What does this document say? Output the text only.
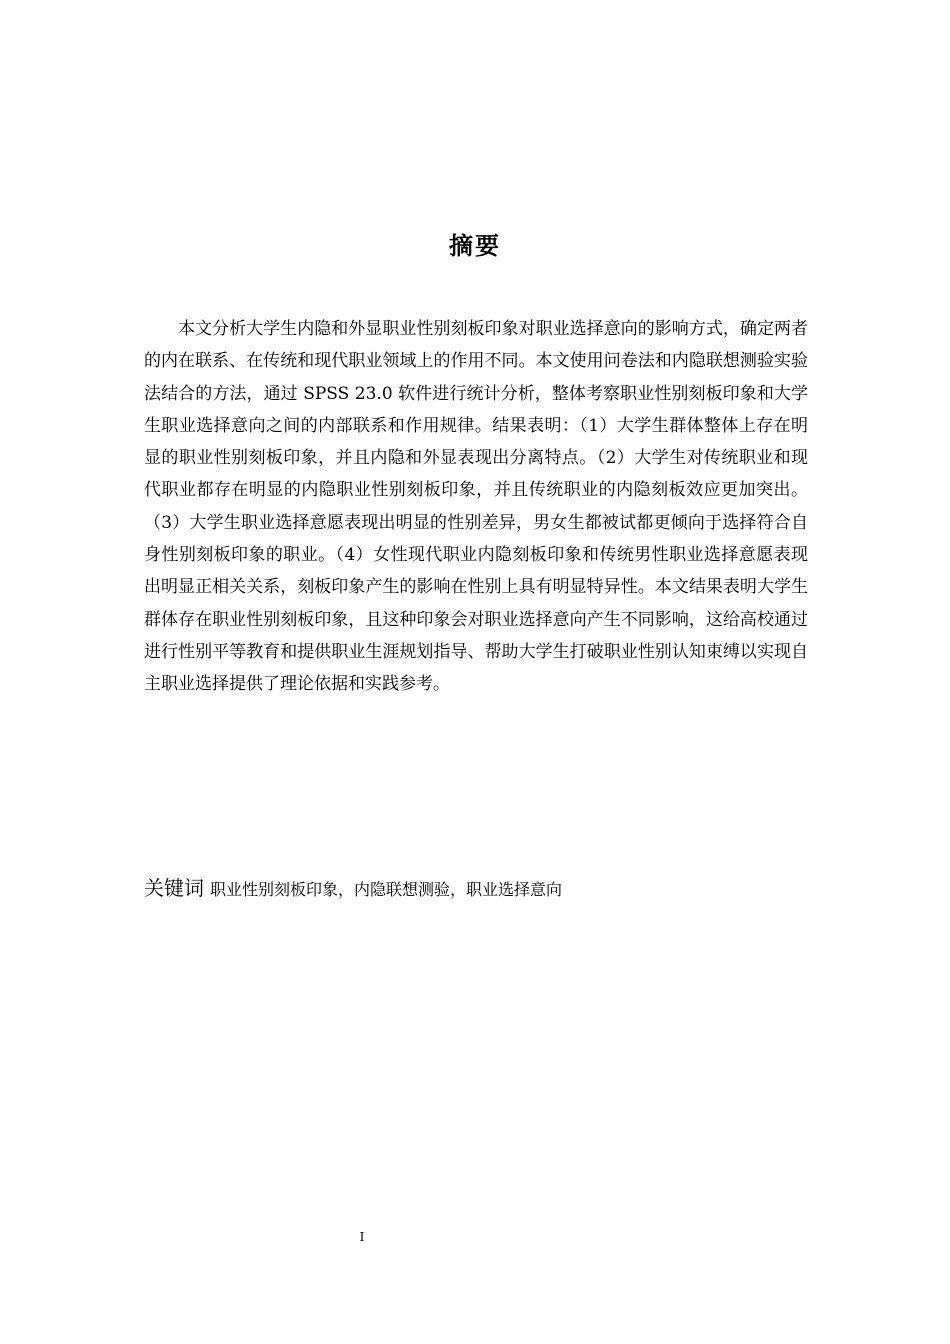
摘要

本文分析大学生内隐和外显职业性别刻板印象对职业选择意向的影响方式，确定两者的内在联系、在传统和现代职业领域上的作用不同。本文使用问卷法和内隐联想测验实验法结合的方法，通过 SPSS 23.0 软件进行统计分析，整体考察职业性别刻板印象和大学生职业选择意向之间的内部联系和作用规律。结果表明：（1）大学生群体整体上存在明显的职业性别刻板印象，并且内隐和外显表现出分离特点。（2）大学生对传统职业和现代职业都存在明显的内隐职业性别刻板印象，并且传统职业的内隐刻板效应更加突出。（3）大学生职业选择意愿表现出明显的性别差异，男女生都被试都更倾向于选择符合自身性别刻板印象的职业。（4）女性现代职业内隐刻板印象和传统男性职业选择意愿表现出明显正相关关系，刻板印象产生的影响在性别上具有明显特异性。本文结果表明大学生群体存在职业性别刻板印象，且这种印象会对职业选择意向产生不同影响，这给高校通过进行性别平等教育和提供职业生涯规划指导、帮助大学生打破职业性别认知束缚以实现自主职业选择提供了理论依据和实践参考。

关键词 职业性别刻板印象，内隐联想测验，职业选择意向

I
